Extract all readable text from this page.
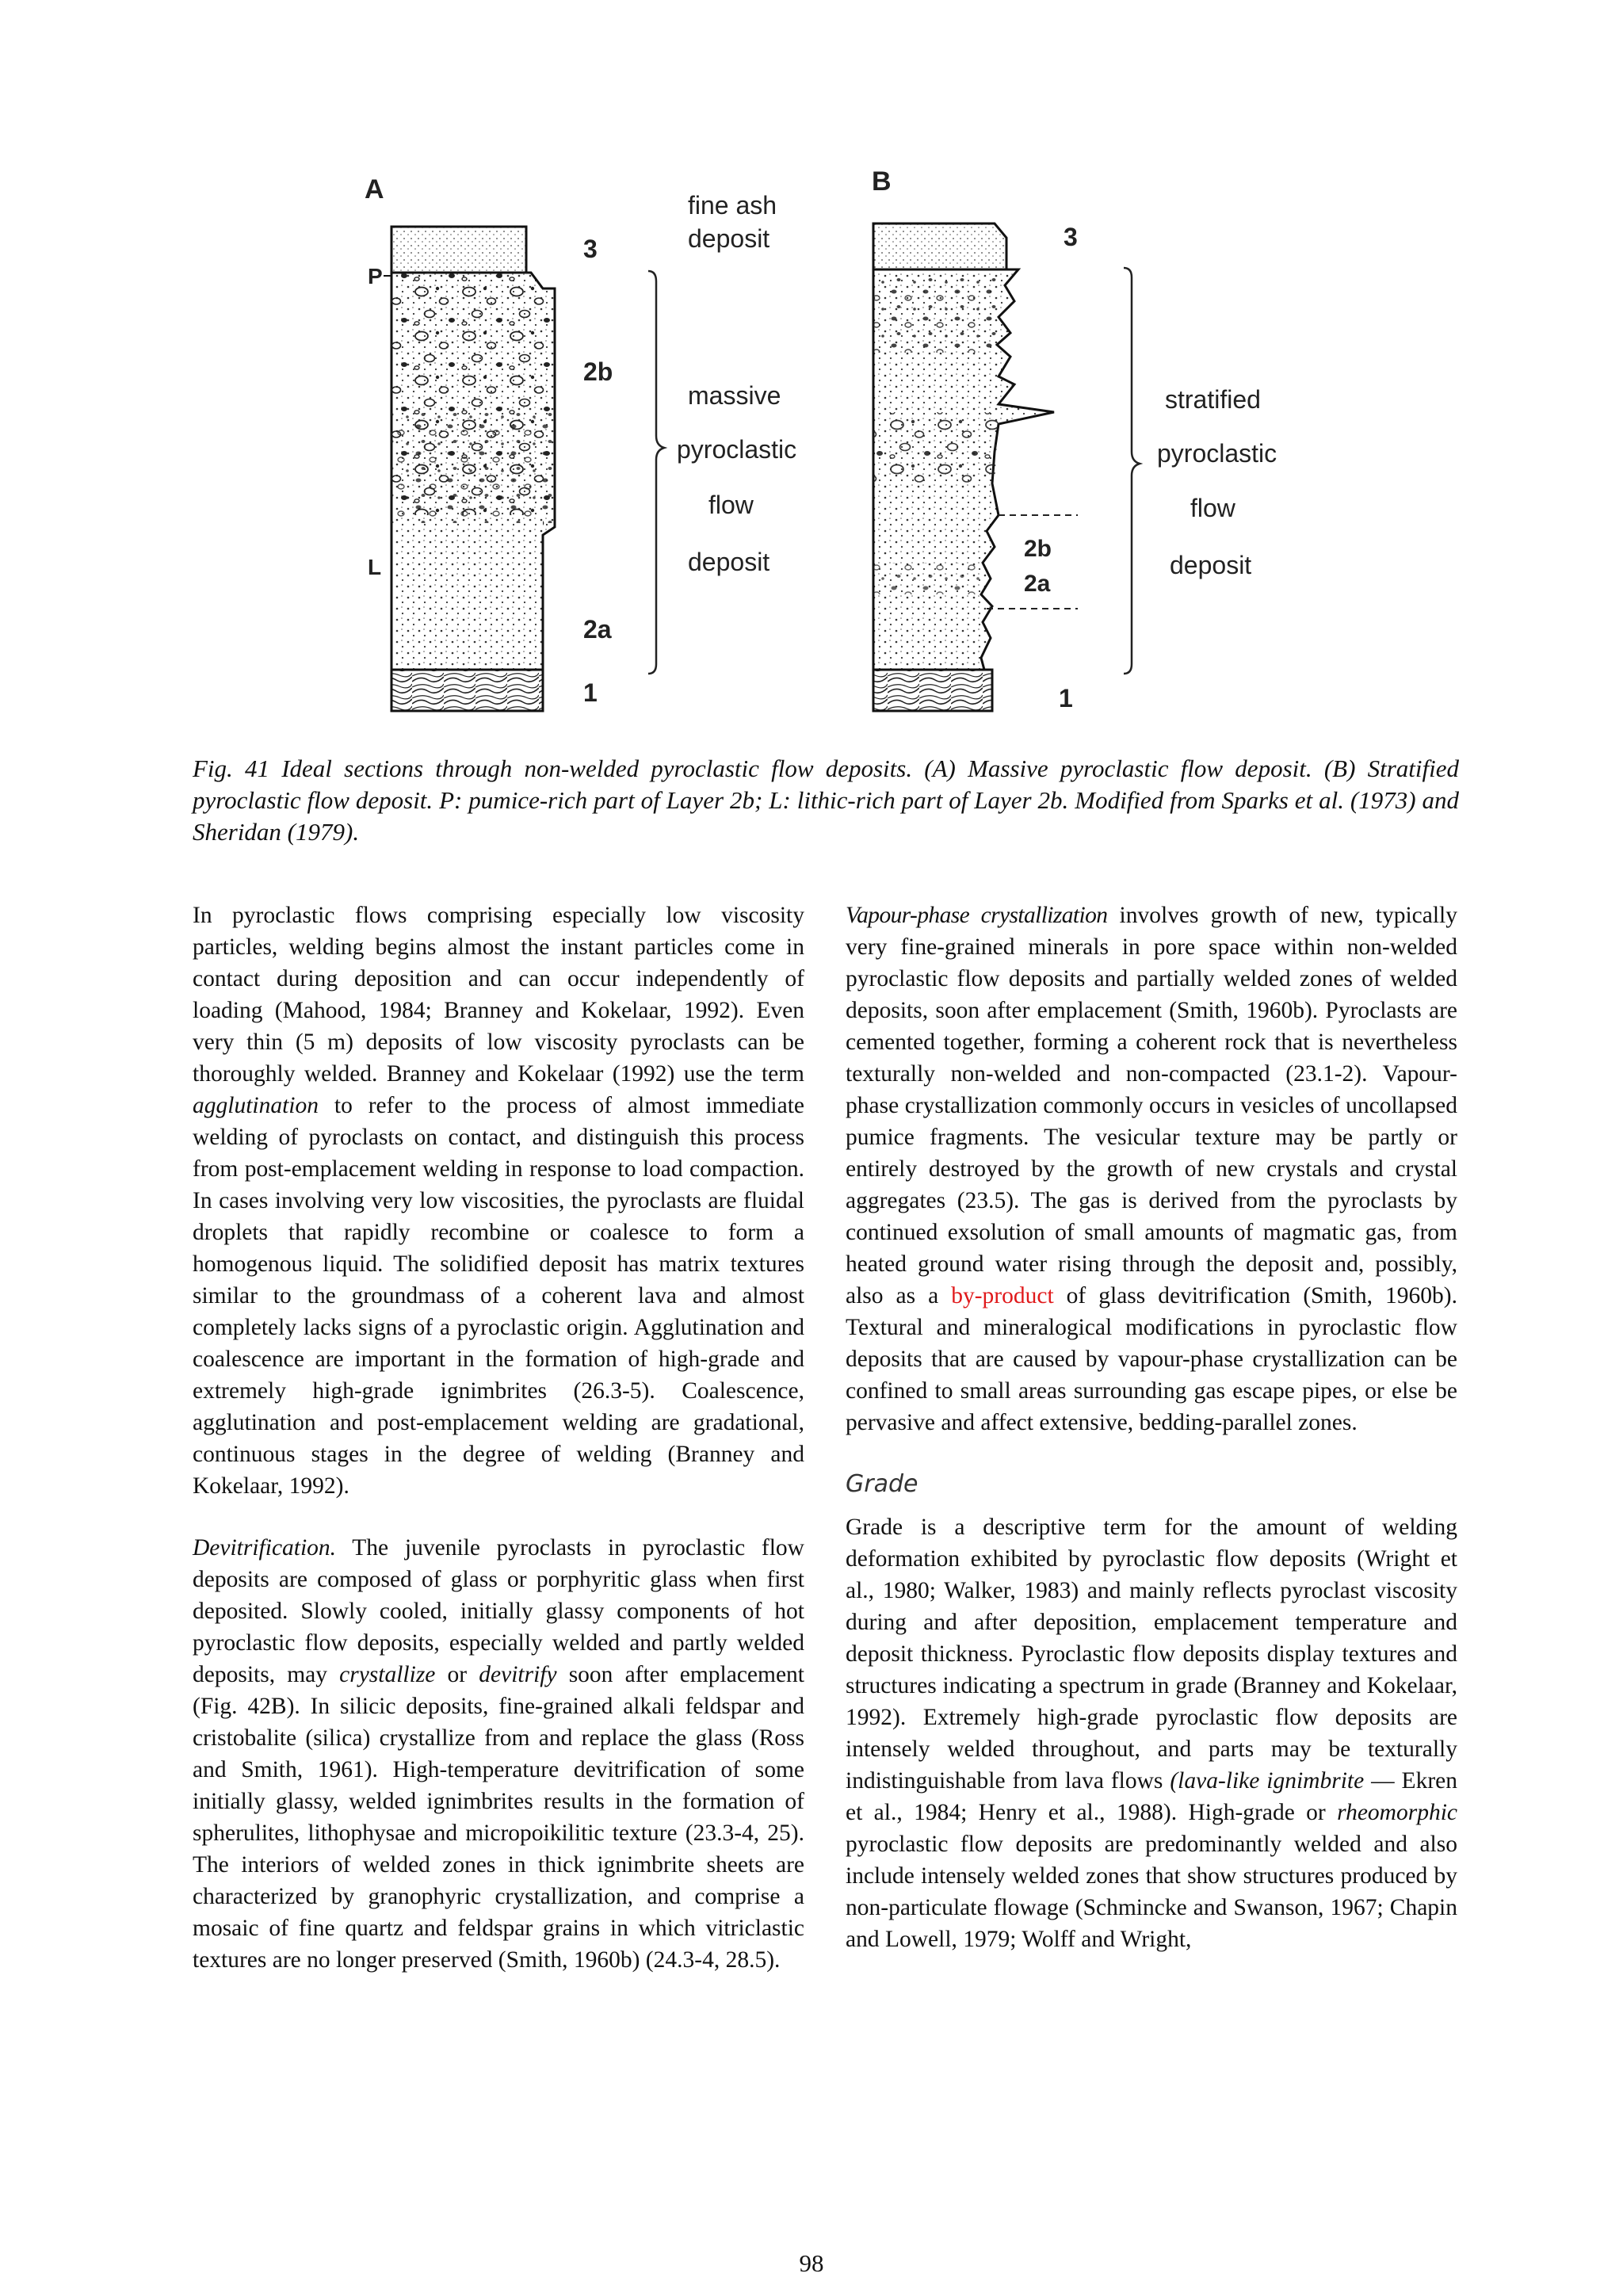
A
P
L
3
2b
2a
1
fine ash
deposit
massive
pyroclastic
flow
deposit
B
3
2b
2a
1
stratified
pyroclastic
flow
deposit
Fig. 41 Ideal sections through non-welded pyroclastic flow deposits. (A) Massive pyroclastic flow deposit. (B) Stratified pyroclastic flow deposit. P: pumice-rich part of Layer 2b; L: lithic-rich part of Layer 2b. Modified from Sparks et al. (1973) and Sheridan (1979).

In pyroclastic flows comprising especially low viscosity particles, welding begins almost the instant particles come in contact during deposition and can occur independently of loading (Mahood, 1984; Branney and Kokelaar, 1992). Even very thin (5 m) deposits of low viscosity pyroclasts can be thoroughly welded. Branney and Kokelaar (1992) use the term agglutination to refer to the process of almost immediate welding of pyroclasts on contact, and distinguish this process from post-emplacement welding in response to load compaction. In cases involving very low viscosities, the pyroclasts are fluidal droplets that rapidly recombine or coalesce to form a homogenous liquid. The solidified deposit has matrix textures similar to the groundmass of a coherent lava and almost completely lacks signs of a pyroclastic origin. Agglutination and coalescence are important in the formation of high-grade and extremely high-grade ignimbrites (26.3-5). Coalescence, agglutination and post-emplacement welding are gradational, continuous stages in the degree of welding (Branney and Kokelaar, 1992).

Devitrification. The juvenile pyroclasts in pyroclastic flow deposits are composed of glass or porphyritic glass when first deposited. Slowly cooled, initially glassy components of hot pyroclastic flow deposits, especially welded and partly welded deposits, may crystallize or devitrify soon after emplacement (Fig. 42B). In silicic deposits, fine-grained alkali feldspar and cristobalite (silica) crystallize from and replace the glass (Ross and Smith, 1961). High-temperature devitrification of some initially glassy, welded ignimbrites results in the formation of spherulites, lithophysae and micropoikilitic texture (23.3-4, 25). The interiors of welded zones in thick ignimbrite sheets are characterized by granophyric crystallization, and comprise a mosaic of fine quartz and feldspar grains in which vitriclastic textures are no longer preserved (Smith, 1960b) (24.3-4, 28.5).

Vapour-phase crystallization involves growth of new, typically very fine-grained minerals in pore space within non-welded pyroclastic flow deposits and partially welded zones of welded deposits, soon after emplacement (Smith, 1960b). Pyroclasts are cemented together, forming a coherent rock that is nevertheless texturally non-welded and non-compacted (23.1-2). Vapour-phase crystallization commonly occurs in vesicles of uncollapsed pumice fragments. The vesicular texture may be partly or entirely destroyed by the growth of new crystals and crystal aggregates (23.5). The gas is derived from the pyroclasts by continued exsolution of small amounts of magmatic gas, from heated ground water rising through the deposit and, possibly, also as a by-product of glass devitrification (Smith, 1960b). Textural and mineralogical modifications in pyroclastic flow deposits that are caused by vapour-phase crystallization can be confined to small areas surrounding gas escape pipes, or else be pervasive and affect extensive, bedding-parallel zones.

Grade

Grade is a descriptive term for the amount of welding deformation exhibited by pyroclastic flow deposits (Wright et al., 1980; Walker, 1983) and mainly reflects pyroclast viscosity during and after deposition, emplacement temperature and deposit thickness. Pyroclastic flow deposits display textures and structures indicating a spectrum in grade (Branney and Kokelaar, 1992). Extremely high-grade pyroclastic flow deposits are intensely welded throughout, and parts may be texturally indistinguishable from lava flows (lava-like ignimbrite — Ekren et al., 1984; Henry et al., 1988). High-grade or rheomorphic pyroclastic flow deposits are predominantly welded and also include intensely welded zones that show structures produced by non-particulate flowage (Schmincke and Swanson, 1967; Chapin and Lowell, 1979; Wolff and Wright,

98
